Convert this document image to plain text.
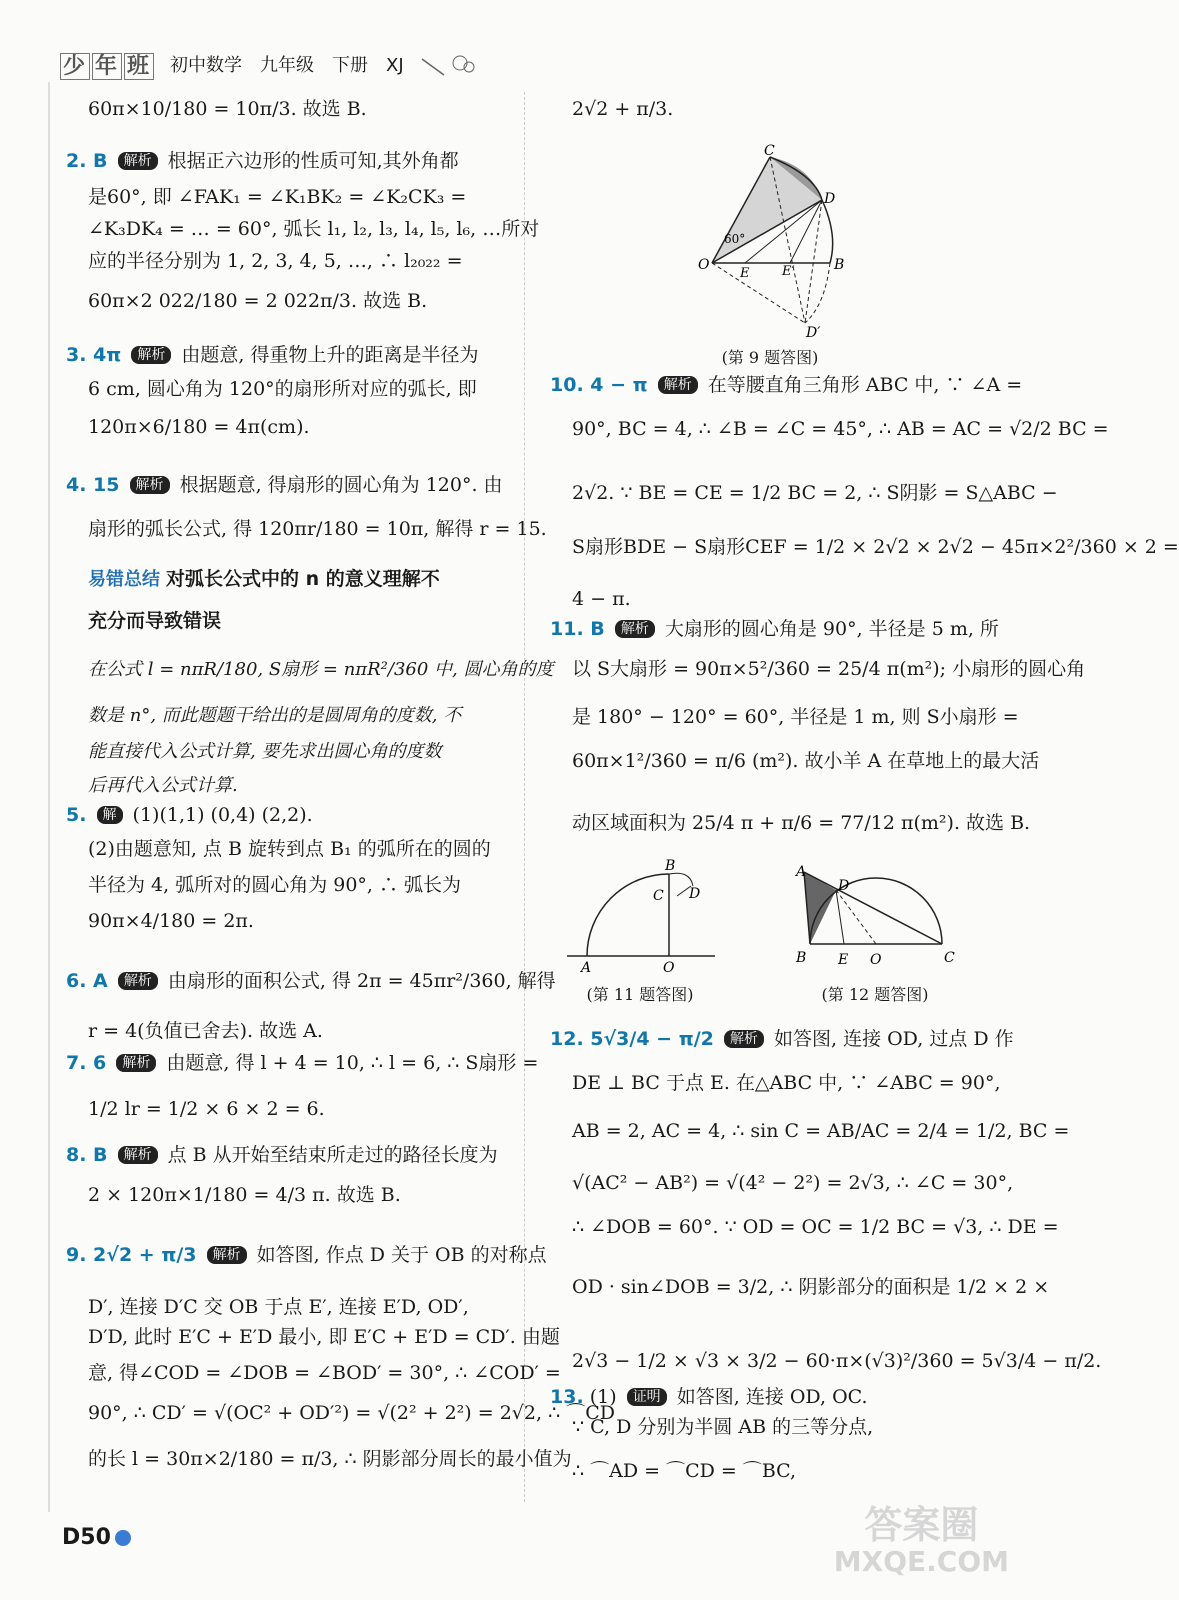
少 年 班 初中数学 九年级 下册 XJ
60π×10/180 = 10π/3. 故选 B.
2. B 解析 根据正六边形的性质可知,其外角都
是60°, 即 ∠FAK₁ = ∠K₁BK₂ = ∠K₂CK₃ =
∠K₃DK₄ = … = 60°, 弧长 l₁, l₂, l₃, l₄, l₅, l₆, …所对
应的半径分别为 1, 2, 3, 4, 5, …, ∴ l₂₀₂₂ =
60π×2 022/180 = 2 022π/3. 故选 B.
3. 4π 解析 由题意, 得重物上升的距离是半径为
6 cm, 圆心角为 120°的扇形所对应的弧长, 即
120π×6/180 = 4π(cm).
4. 15 解析 根据题意, 得扇形的圆心角为 120°. 由
扇形的弧长公式, 得 120πr/180 = 10π, 解得 r = 15.
易错总结 对弧长公式中的 n 的意义理解不
充分而导致错误
在公式 l = nπR/180, S扇形 = nπR²/360 中, 圆心角的度
数是 n°, 而此题题干给出的是圆周角的度数, 不
能直接代入公式计算, 要先求出圆心角的度数
后再代入公式计算.
5. 解 (1)(1,1) (0,4) (2,2).
(2)由题意知, 点 B 旋转到点 B₁ 的弧所在的圆的
半径为 4, 弧所对的圆心角为 90°, ∴ 弧长为
90π×4/180 = 2π.
6. A 解析 由扇形的面积公式, 得 2π = 45πr²/360, 解得
r = 4(负值已舍去). 故选 A.
7. 6 解析 由题意, 得 l + 4 = 10, ∴ l = 6, ∴ S扇形 =
1/2 lr = 1/2 × 6 × 2 = 6.
8. B 解析 点 B 从开始至结束所走过的路径长度为
2 × 120π×1/180 = 4/3 π. 故选 B.
9. 2√2 + π/3 解析 如答图, 作点 D 关于 OB 的对称点
D′, 连接 D′C 交 OB 于点 E′, 连接 E′D, OD′,
D′D, 此时 E′C + E′D 最小, 即 E′C + E′D = CD′. 由题
意, 得∠COD = ∠DOB = ∠BOD′ = 30°, ∴ ∠COD′ =
90°, ∴ CD′ = √(OC² + OD′²) = √(2² + 2²) = 2√2, ∴ ⌒CD
的长 l = 30π×2/180 = π/3, ∴ 阴影部分周长的最小值为
2√2 + π/3.
10. 4 − π 解析 在等腰直角三角形 ABC 中, ∵ ∠A =
90°, BC = 4, ∴ ∠B = ∠C = 45°, ∴ AB = AC = √2/2 BC =
2√2. ∵ BE = CE = 1/2 BC = 2, ∴ S阴影 = S△ABC −
S扇形BDE − S扇形CEF = 1/2 × 2√2 × 2√2 − 45π×2²/360 × 2 =
4 − π.
11. B 解析 大扇形的圆心角是 90°, 半径是 5 m, 所
以 S大扇形 = 90π×5²/360 = 25/4 π(m²); 小扇形的圆心角
是 180° − 120° = 60°, 半径是 1 m, 则 S小扇形 =
60π×1²/360 = π/6 (m²). 故小羊 A 在草地上的最大活
动区域面积为 25/4 π + π/6 = 77/12 π(m²). 故选 B.
12. 5√3/4 − π/2 解析 如答图, 连接 OD, 过点 D 作
DE ⊥ BC 于点 E. 在△ABC 中, ∵ ∠ABC = 90°,
AB = 2, AC = 4, ∴ sin C = AB/AC = 2/4 = 1/2, BC =
√(AC² − AB²) = √(4² − 2²) = 2√3, ∴ ∠C = 30°,
∴ ∠DOB = 60°. ∵ OD = OC = 1/2 BC = √3, ∴ DE =
OD · sin∠DOB = 3/2, ∴ 阴影部分的面积是 1/2 × 2 ×
2√3 − 1/2 × √3 × 3/2 − 60·π×(√3)²/360 = 5√3/4 − π/2.
13. (1) 证明 如答图, 连接 OD, OC.
∵ C, D 分别为半圆 AB 的三等分点,
∴ ⌒AD = ⌒CD = ⌒BC,
C
D
60°
O
E	E′	B
D′
(第 9 题答图)
B
C D
A	O
(第 11 题答图)
A
D
B E O	C
(第 12 题答图)
D50	答案圈
MXQE.COM
